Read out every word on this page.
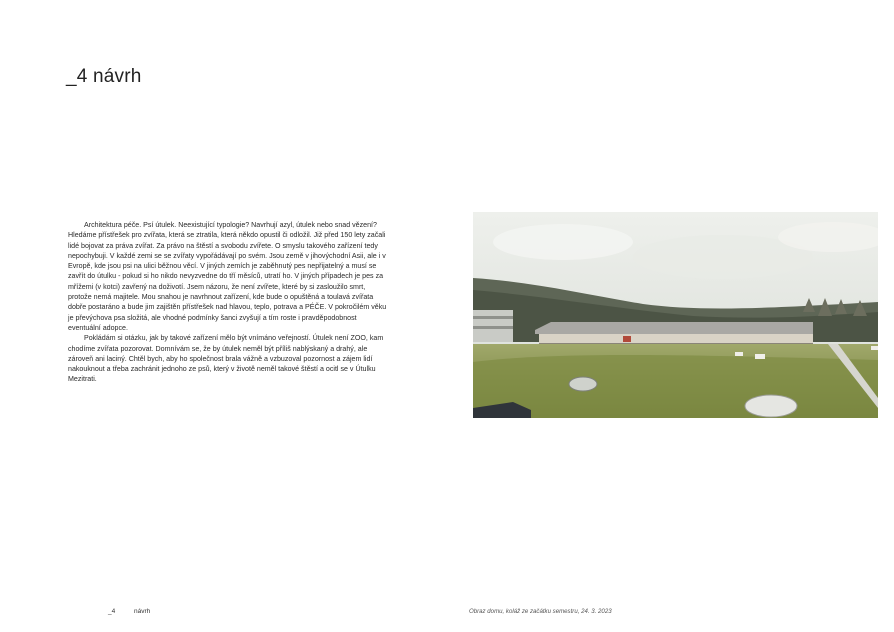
_4 návrh

Architektura péče. Psí útulek. Neexistující typologie? Navrhují azyl, útulek nebo snad vězení? Hledáme přístřešek pro zvířata, která se ztratila, která někdo opustil či odložil. Již před 150 lety začali lidé bojovat za práva zvířat. Za právo na štěstí a svobodu zvířete. O smyslu takového zařízení tedy nepochybuji. V každé zemi se se zvířaty vypořádávají po svém. Jsou země v jihovýchodní Asii, ale i v Evropě, kde jsou psi na ulici běžnou věcí. V jiných zemích je zaběhnutý pes nepřijatelný a musí se zavřít do útulku - pokud si ho nikdo nevyzvedne do tří měsíců, utratí ho. V jiných případech je pes za mřížemi (v kotci) zavřený na doživotí. Jsem názoru, že není zvířete, které by si zasloužilo smrt, protože nemá majitele. Mou snahou je navrhnout zařízení, kde bude o opuštěná a toulavá zvířata dobře postaráno a bude jim zajištěn přístřešek nad hlavou, teplo, potrava a PÉČE. V pokročilém věku je převýchova psa složitá, ale vhodné podmínky šanci zvyšují a tím roste i pravděpodobnost eventuální adopce.

Pokládám si otázku, jak by takové zařízení mělo být vnímáno veřejností. Útulek není ZOO, kam chodíme zvířata pozorovat. Domnívám se, že by útulek neměl být příliš nablýskaný a drahý, ale zároveň ani laciný. Chtěl bych, aby ho společnost brala vážně a vzbuzoval pozornost a zájem lidí nakouknout a třeba zachránit jednoho ze psů, který v životě neměl takové štěstí a ocitl se v Útulku Mezitrati.

_4	návrh	Obraz domu, koláž ze začátku semestru, 24. 3. 2023
